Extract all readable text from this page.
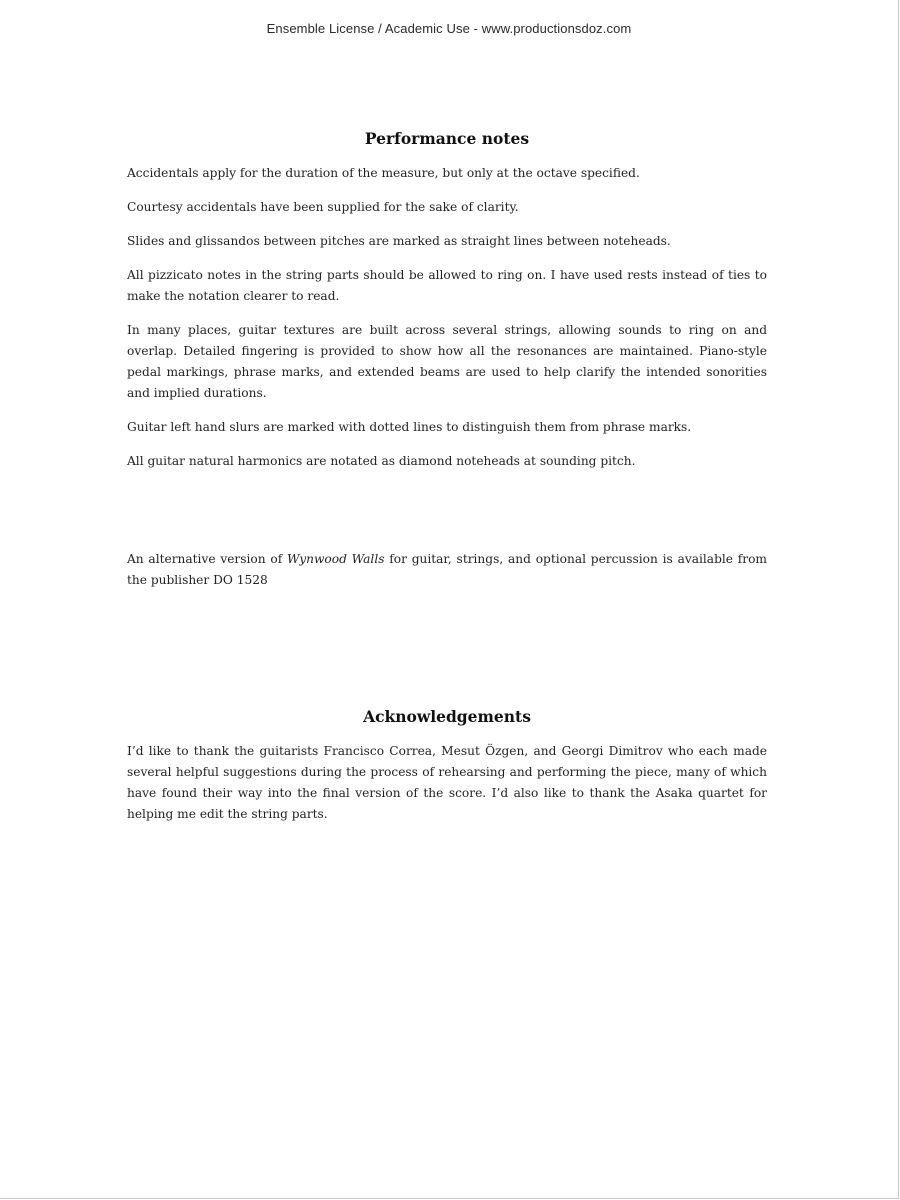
Ensemble License / Academic Use - www.productionsdoz.com
Performance notes

Accidentals apply for the duration of the measure, but only at the octave specified.

Courtesy accidentals have been supplied for the sake of clarity.

Slides and glissandos between pitches are marked as straight lines between noteheads.

All pizzicato notes in the string parts should be allowed to ring on. I have used rests instead of ties to make the notation clearer to read.

In many places, guitar textures are built across several strings, allowing sounds to ring on and overlap. Detailed fingering is provided to show how all the resonances are maintained. Piano-style pedal markings, phrase marks, and extended beams are used to help clarify the intended sonorities and implied durations.

Guitar left hand slurs are marked with dotted lines to distinguish them from phrase marks.

All guitar natural harmonics are notated as diamond noteheads at sounding pitch.

An alternative version of Wynwood Walls for guitar, strings, and optional percussion is available from the publisher DO 1528

Acknowledgements

I’d like to thank the guitarists Francisco Correa, Mesut Özgen, and Georgi Dimitrov who each made several helpful suggestions during the process of rehearsing and performing the piece, many of which have found their way into the final version of the score. I’d also like to thank the Asaka quartet for helping me edit the string parts.
